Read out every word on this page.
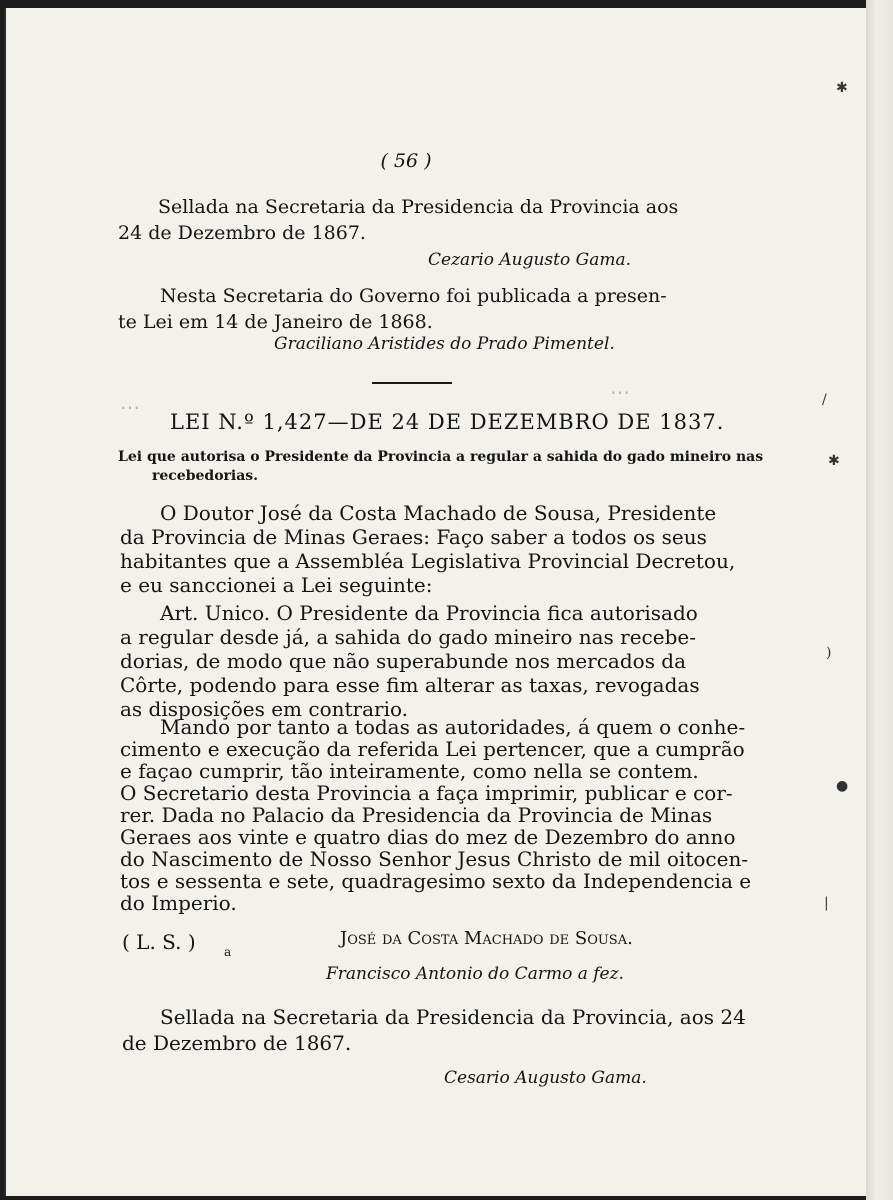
⋯
⋯
✱
/
✱
)
●
|
( 56 )
Sellada na Secretaria da Presidencia da Provincia aos
24 de Dezembro de 1867.
Cezario Augusto Gama.
Nesta Secretaria do Governo foi publicada a presen-
te Lei em 14 de Janeiro de 1868.
Graciliano Aristides do Prado Pimentel.
LEI N.º 1,427—DE 24 DE DEZEMBRO DE 1837.
Lei que autorisa o Presidente da Provincia a regular a sahida do gado mineiro nas
recebedorias.
O Doutor José da Costa Machado de Sousa, Presidente
da Provincia de Minas Geraes: Faço saber a todos os seus
habitantes que a Assembléa Legislativa Provincial Decretou,
e eu sanccionei a Lei seguinte:
Art. Unico. O Presidente da Provincia fica autorisado
a regular desde já, a sahida do gado mineiro nas recebe-
dorias, de modo que não superabunde nos mercados da
Côrte, podendo para esse fim alterar as taxas, revogadas
as disposições em contrario.
Mando por tanto a todas as autoridades, á quem o conhe-
cimento e execução da referida Lei pertencer, que a cumprão
e façao cumprir, tão inteiramente, como nella se contem.
O Secretario desta Provincia a faça imprimir, publicar e cor-
rer. Dada no Palacio da Presidencia da Provincia de Minas
Geraes aos vinte e quatro dias do mez de Dezembro do anno
do Nascimento de Nosso Senhor Jesus Christo de mil oitocen-
tos e sessenta e sete, quadragesimo sexto da Independencia e
do Imperio.
( L. S. ) a
José da Costa Machado de Sousa.
Francisco Antonio do Carmo a fez.
Sellada na Secretaria da Presidencia da Provincia, aos 24
de Dezembro de 1867.
Cesario Augusto Gama.
